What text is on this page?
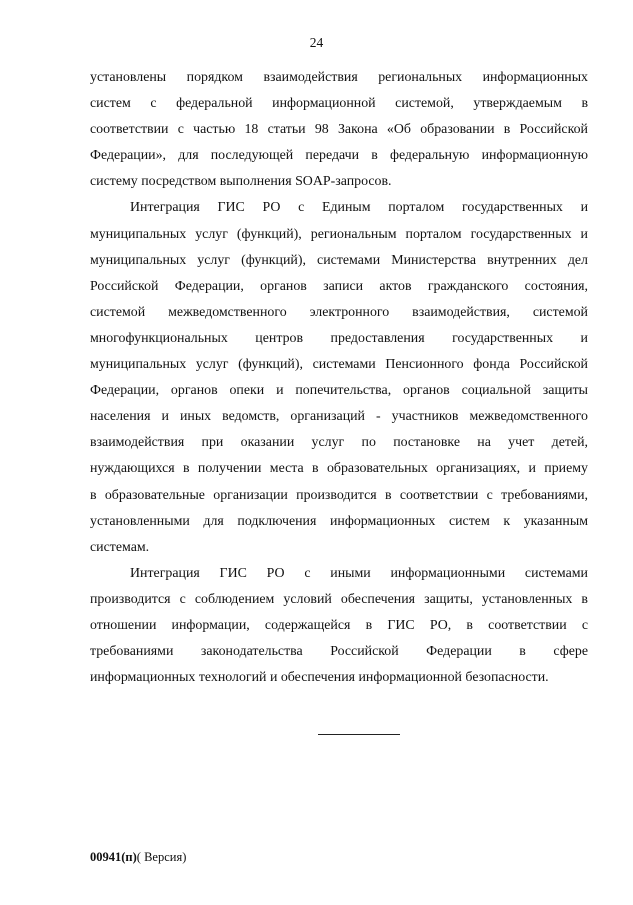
24
установлены порядком взаимодействия региональных информационных
систем с федеральной информационной системой, утверждаемым в
соответствии с частью 18 статьи 98 Закона «Об образовании в Российской
Федерации», для последующей передачи в федеральную информационную
систему посредством выполнения SOAP-запросов.
Интеграция ГИС РО с Единым порталом государственных и
муниципальных услуг (функций), региональным порталом государственных и
муниципальных услуг (функций), системами Министерства внутренних дел
Российской Федерации, органов записи актов гражданского состояния,
системой межведомственного электронного взаимодействия, системой
многофункциональных центров предоставления государственных и
муниципальных услуг (функций), системами Пенсионного фонда Российской
Федерации, органов опеки и попечительства, органов социальной защиты
населения и иных ведомств, организаций - участников межведомственного
взаимодействия при оказании услуг по постановке на учет детей,
нуждающихся в получении места в образовательных организациях, и приему
в образовательные организации производится в соответствии с требованиями,
установленными для подключения информационных систем к указанным
системам.
Интеграция ГИС РО с иными информационными системами
производится с соблюдением условий обеспечения защиты, установленных в
отношении информации, содержащейся в ГИС РО, в соответствии с
требованиями законодательства Российской Федерации в сфере
информационных технологий и обеспечения информационной безопасности.
00941(п)( Версия)
